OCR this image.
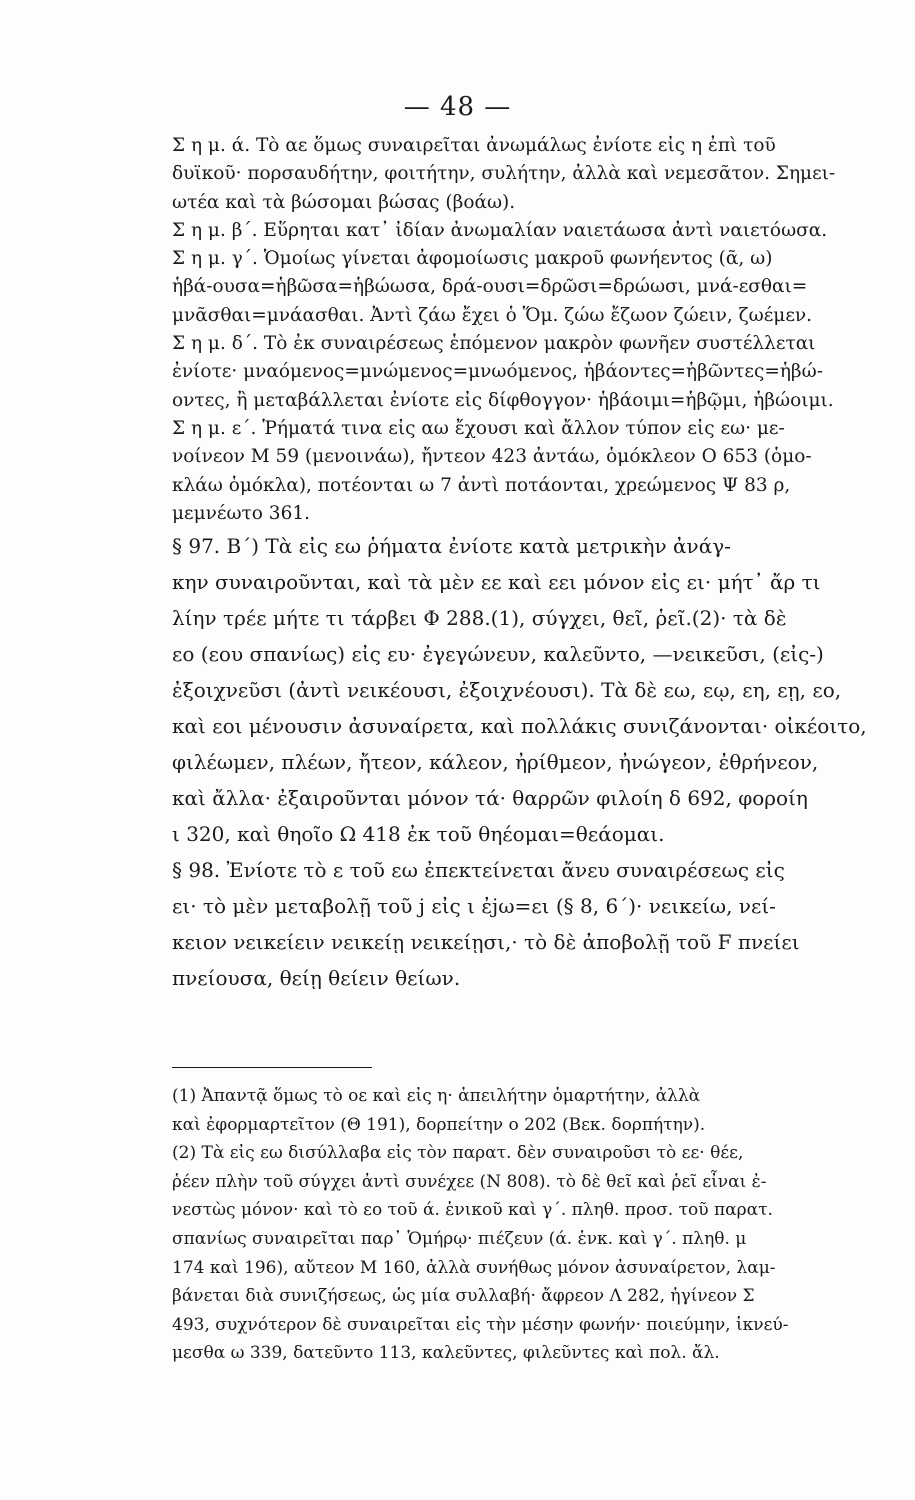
— 48 —
Σ η μ. ά. Τὸ αε ὅμως συναιρεῖται ἀνωμάλως ἐνίοτε εἰς η ἐπὶ τοῦ
δυϊκοῦ· πορσαυδήτην, φοιτήτην, συλήτην, ἀλλὰ καὶ νεμεσᾶτον. Σημει-
ωτέα καὶ τὰ βώσομαι βώσας (βοάω).
Σ η μ. β΄. Εὕρηται κατ᾽ ἰδίαν ἀνωμαλίαν ναιετάωσα ἀντὶ ναιετόωσα.
Σ η μ. γ΄. Ὁμοίως γίνεται ἀφομοίωσις μακροῦ φωνήεντος (ᾶ, ω)
ἡβά-ουσα=ἡβῶσα=ἡβώωσα, δρά-ουσι=δρῶσι=δρώωσι, μνά-εσθαι=
μνᾶσθαι=μνάασθαι. Ἀντὶ ζάω ἔχει ὁ Ὅμ. ζώω ἔζωον ζώειν, ζωέμεν.
Σ η μ. δ΄. Τὸ ἐκ συναιρέσεως ἑπόμενον μακρὸν φωνῆεν συστέλλεται
ἐνίοτε· μναόμενος=μνώμενος=μνωόμενος, ἡβάοντες=ἡβῶντες=ἡβώ-
οντες, ἢ μεταβάλλεται ἐνίοτε εἰς δίφθογγον· ἡβάοιμι=ἡβῷμι, ἡβώοιμι.
Σ η μ. ε΄. Ῥήματά τινα εἰς αω ἔχουσι καὶ ἄλλον τύπον εἰς εω· με-
νοίνεον Μ 59 (μενοινάω), ἤντεον 423 ἀντάω, ὁμόκλεον Ο 653 (ὁμο-
κλάω ὁμόκλα), ποτέονται ω 7 ἀντὶ ποτάονται, χρεώμενος Ψ 83 ρ,
μεμνέωτο 361.
§ 97. Β΄) Τὰ εἰς εω ῥήματα ἐνίοτε κατὰ μετρικὴν ἀνάγ-
κην συναιροῦνται, καὶ τὰ μὲν εε καὶ εει μόνον εἰς ει· μήτ᾽ ἄρ τι
λίην τρέε μήτε τι τάρβει Φ 288.(1), σύγχει, θεῖ, ῥεῖ.(2)· τὰ δὲ
εο (εου σπανίως) εἰς ευ· ἐγεγώνευν, καλεῦντο, —νεικεῦσι, (εἰς-)
ἐξοιχνεῦσι (ἀντὶ νεικέουσι, ἐξοιχνέουσι). Τὰ δὲ εω, εῳ, εη, εῃ, εο,
καὶ εοι μένουσιν ἀσυναίρετα, καὶ πολλάκις συνιζάνονται· οἰκέοιτο,
φιλέωμεν, πλέων, ἤτεον, κάλεον, ἠρίθμεον, ἠνώγεον, ἐθρήνεον,
καὶ ἄλλα· ἐξαιροῦνται μόνον τά· θαρρῶν φιλοίη δ 692, φοροίη
ι 320, καὶ θηοῖο Ω 418 ἐκ τοῦ θηέομαι=θεάομαι.
§ 98. Ἐνίοτε τὸ ε τοῦ εω ἐπεκτείνεται ἄνευ συναιρέσεως εἰς
ει· τὸ μὲν μεταβολῇ τοῦ j εἰς ι ἐjω=ει (§ 8, 6΄)· νεικείω, νεί-
κειον νεικείειν νεικείῃ νεικείῃσι,· τὸ δὲ ἀποβολῇ τοῦ F πνείει
πνείουσα, θείῃ θείειν θείων.
(1) Ἀπαντᾷ ὅμως τὸ οε καὶ εἰς η· ἀπειλήτην ὁμαρτήτην, ἀλλὰ
καὶ ἐφορμαρτεῖτον (Θ 191), δορπείτην ο 202 (Βεκ. δορπήτην).
(2) Τὰ εἰς εω δισύλλαβα εἰς τὸν παρατ. δὲν συναιροῦσι τὸ εε· θέε,
ῥέεν πλὴν τοῦ σύγχει ἀντὶ συνέχεε (Ν 808). τὸ δὲ θεῖ καὶ ῥεῖ εἶναι ἐ-
νεστὼς μόνον· καὶ τὸ εο τοῦ ά. ἑνικοῦ καὶ γ΄. πληθ. προσ. τοῦ παρατ.
σπανίως συναιρεῖται παρ᾽ Ὁμήρῳ· πιέζευν (ά. ἑνκ. καὶ γ΄. πληθ. μ
174 καὶ 196), αὔτεον Μ 160, ἀλλὰ συνήθως μόνον ἀσυναίρετον, λαμ-
βάνεται διὰ συνιζήσεως, ὡς μία συλλαβή· ἄφρεον Λ 282, ἡγίνεον Σ
493, συχνότερον δὲ συναιρεῖται εἰς τὴν μέσην φωνήν· ποιεύμην, ἱκνεύ-
μεσθα ω 339, δατεῦντο 113, καλεῦντες, φιλεῦντες καὶ πολ. ἄλ.
